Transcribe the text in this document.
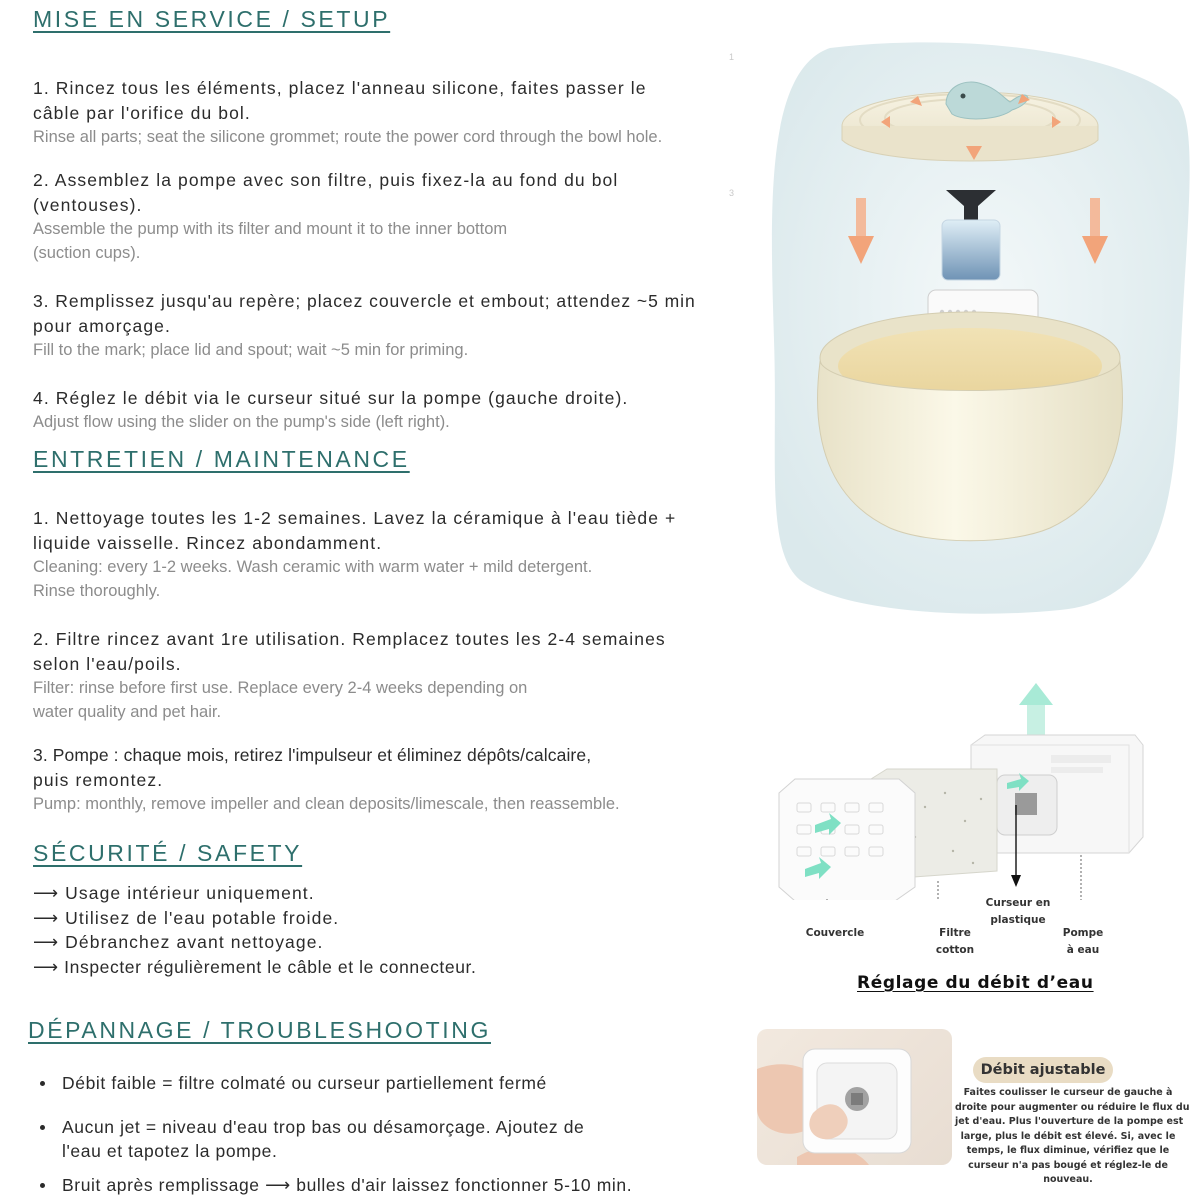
MISE EN SERVICE / SETUP
1. Rincez tous les éléments, placez l'anneau silicone, faites passer le
câble par l'orifice du bol.
Rinse all parts; seat the silicone grommet; route the power cord through the bowl hole.
2. Assemblez la pompe avec son filtre, puis fixez-la au fond du bol
(ventouses).
Assemble the pump with its filter and mount it to the inner bottom
(suction cups).
3. Remplissez jusqu'au repère; placez couvercle et embout; attendez ~5 min
pour amorçage.
Fill to the mark; place lid and spout; wait ~5 min for priming.
4. Réglez le débit via le curseur situé sur la pompe (gauche droite).
Adjust flow using the slider on the pump's side (left right).
ENTRETIEN / MAINTENANCE
1. Nettoyage toutes les 1-2 semaines. Lavez la céramique à l'eau tiède +
liquide vaisselle. Rincez abondamment.
Cleaning: every 1-2 weeks. Wash ceramic with warm water + mild detergent.
Rinse thoroughly.
2. Filtre rincez avant 1re utilisation. Remplacez toutes les 2-4 semaines
selon l'eau/poils.
Filter: rinse before first use. Replace every 2-4 weeks depending on
water quality and pet hair.
3. Pompe : chaque mois, retirez l'impulseur et éliminez dépôts/calcaire,
puis remontez.
Pump: monthly, remove impeller and clean deposits/limescale, then reassemble.
SÉCURITÉ / SAFETY
⟶ Usage intérieur uniquement.
⟶ Utilisez de l'eau potable froide.
⟶ Débranchez avant nettoyage.
⟶ Inspecter régulièrement le câble et le connecteur.
DÉPANNAGE / TROUBLESHOOTING
Débit faible = filtre colmaté ou curseur partiellement fermé
Aucun jet = niveau d'eau trop bas ou désamorçage. Ajoutez de
l'eau et tapotez la pompe.
Bruit après remplissage ⟶ bulles d'air laissez fonctionner 5-10 min.
1
3
Couvercle	Filtre
cotton
Curseur en
plastique
Pompe
à eau
Réglage du débit d’eau
Débit ajustable
Faites coulisser le curseur de gauche à
droite pour augmenter ou réduire le flux du
jet d'eau. Plus l'ouverture de la pompe est
large, plus le débit est élevé. Si, avec le
temps, le flux diminue, vérifiez que le
curseur n'a pas bougé et réglez-le de
nouveau.
